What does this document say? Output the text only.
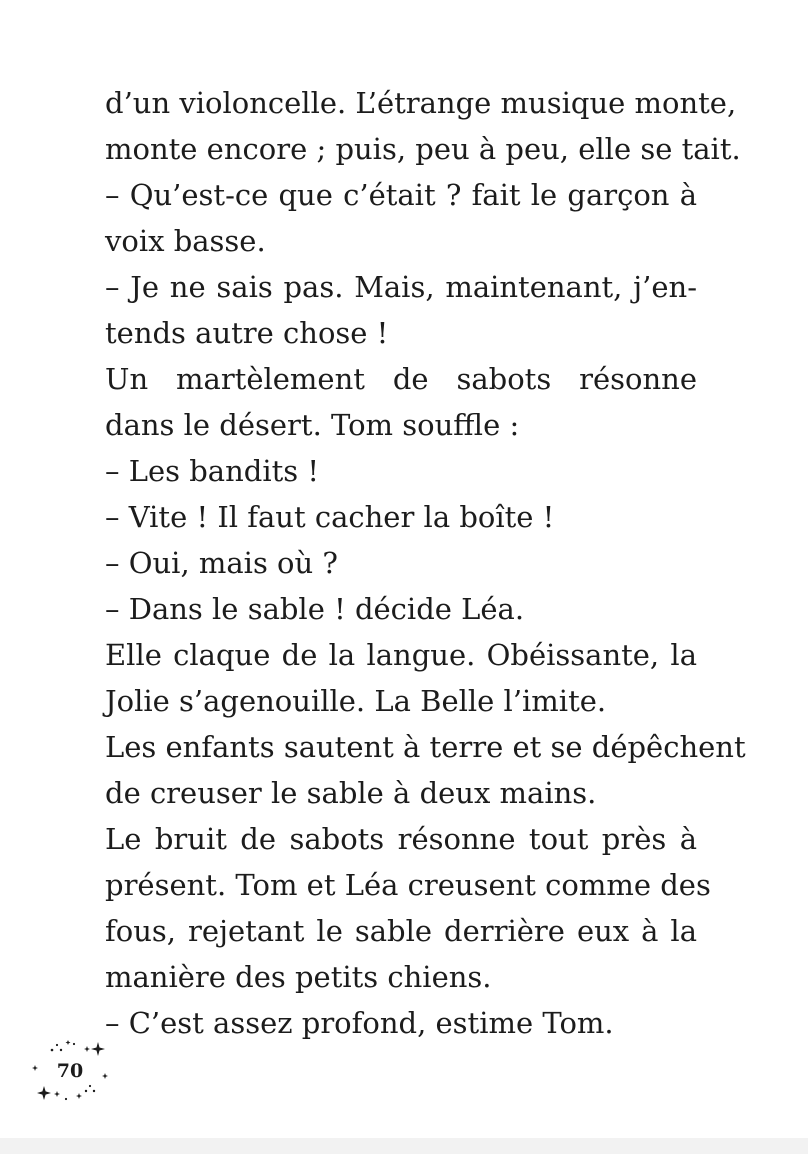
d’un violoncelle. L’étrange musique monte,
monte encore ; puis, peu à peu, elle se tait.
– Qu’est-ce que c’était ? fait le garçon à
voix basse.
– Je ne sais pas. Mais, maintenant, j’en-
tends autre chose !
Un martèlement de sabots résonne
dans le désert. Tom souffle :
– Les bandits !
– Vite ! Il faut cacher la boîte !
– Oui, mais où ?
– Dans le sable ! décide Léa.
Elle claque de la langue. Obéissante, la
Jolie s’agenouille. La Belle l’imite.
Les enfants sautent à terre et se dépêchent
de creuser le sable à deux mains.
Le bruit de sabots résonne tout près à
présent. Tom et Léa creusent comme des
fous, rejetant le sable derrière eux à la
manière des petits chiens.
– C’est assez profond, estime Tom.
70
